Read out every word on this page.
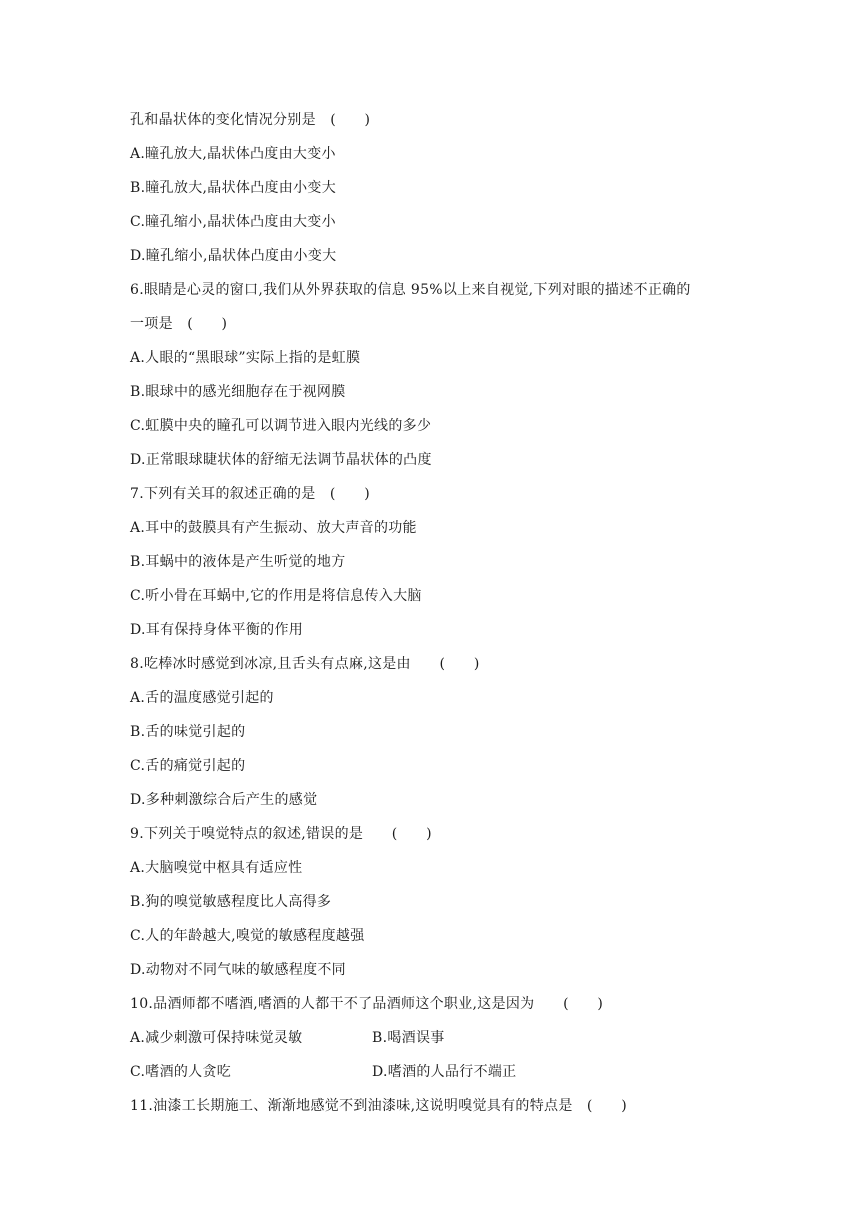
孔和晶状体的变化情况分别是　(　　)
A.瞳孔放大,晶状体凸度由大变小
B.瞳孔放大,晶状体凸度由小变大
C.瞳孔缩小,晶状体凸度由大变小
D.瞳孔缩小,晶状体凸度由小变大
6.眼睛是心灵的窗口,我们从外界获取的信息 95%以上来自视觉,下列对眼的描述不正确的
一项是　(　　)
A.人眼的“黑眼球”实际上指的是虹膜
B.眼球中的感光细胞存在于视网膜
C.虹膜中央的瞳孔可以调节进入眼内光线的多少
D.正常眼球睫状体的舒缩无法调节晶状体的凸度
7.下列有关耳的叙述正确的是　(　　)
A.耳中的鼓膜具有产生振动、放大声音的功能
B.耳蜗中的液体是产生听觉的地方
C.听小骨在耳蜗中,它的作用是将信息传入大脑
D.耳有保持身体平衡的作用
8.吃棒冰时感觉到冰凉,且舌头有点麻,这是由　　(　　)
A.舌的温度感觉引起的
B.舌的味觉引起的
C.舌的痛觉引起的
D.多种刺激综合后产生的感觉
9.下列关于嗅觉特点的叙述,错误的是　　(　　)
A.大脑嗅觉中枢具有适应性
B.狗的嗅觉敏感程度比人高得多
C.人的年龄越大,嗅觉的敏感程度越强
D.动物对不同气味的敏感程度不同
10.品酒师都不嗜酒,嗜酒的人都干不了品酒师这个职业,这是因为　　(　　)
A.减少刺激可保持味觉灵敏	B.喝酒误事
C.嗜酒的人贪吃	D.嗜酒的人品行不端正
11.油漆工长期施工、渐渐地感觉不到油漆味,这说明嗅觉具有的特点是　(　　)
